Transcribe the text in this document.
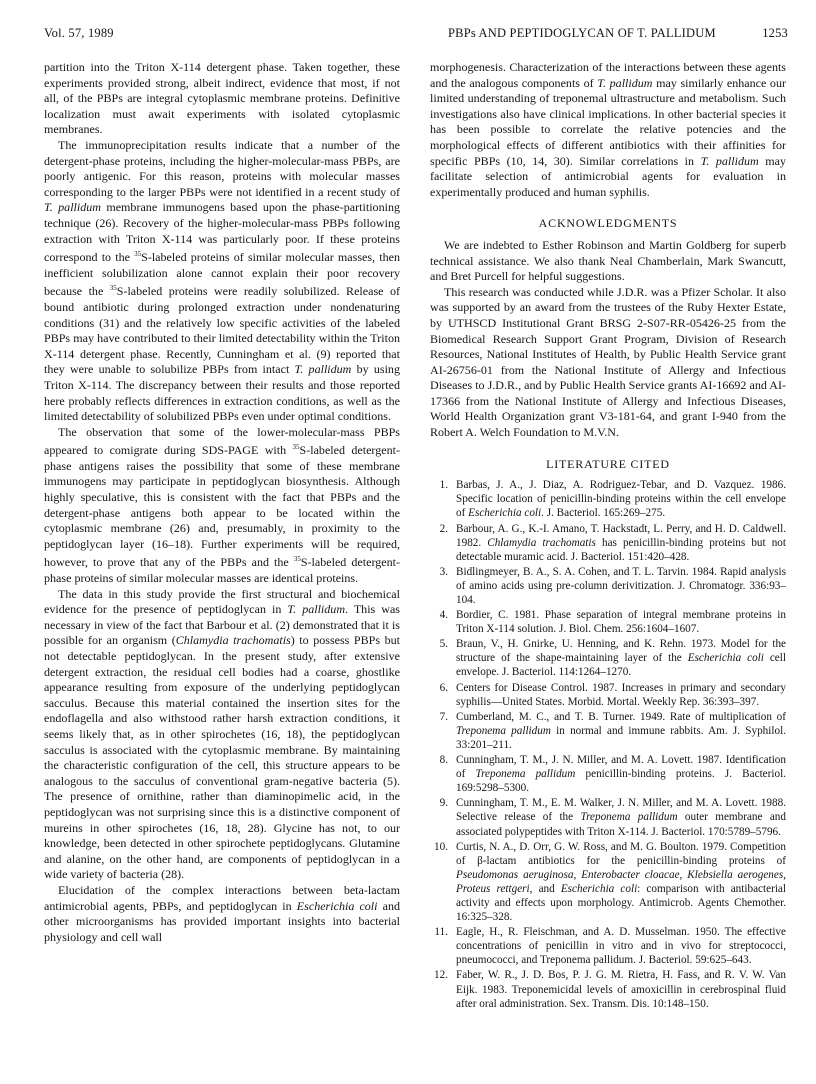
Vol. 57, 1989	PBPs AND PEPTIDOGLYCAN OF T. PALLIDUM	1253

partition into the Triton X-114 detergent phase. Taken together, these experiments provided strong, albeit indirect, evidence that most, if not all, of the PBPs are integral cytoplasmic membrane proteins. Definitive localization must await experiments with isolated cytoplasmic membranes.

The immunoprecipitation results indicate that a number of the detergent-phase proteins, including the higher-molecular-mass PBPs, are poorly antigenic. For this reason, proteins with molecular masses corresponding to the larger PBPs were not identified in a recent study of T. pallidum membrane immunogens based upon the phase-partitioning technique (26). Recovery of the higher-molecular-mass PBPs following extraction with Triton X-114 was particularly poor. If these proteins correspond to the $^{35}$S-labeled proteins of similar molecular masses, then inefficient solubilization alone cannot explain their poor recovery because the $^{35}$S-labeled proteins were readily solubilized. Release of bound antibiotic during prolonged extraction under nondenaturing conditions (31) and the relatively low specific activities of the labeled PBPs may have contributed to their limited detectability within the Triton X-114 detergent phase. Recently, Cunningham et al. (9) reported that they were unable to solubilize PBPs from intact T. pallidum by using Triton X-114. The discrepancy between their results and those reported here probably reflects differences in extraction conditions, as well as the limited detectability of solubilized PBPs even under optimal conditions.

The observation that some of the lower-molecular-mass PBPs appeared to comigrate during SDS-PAGE with $^{35}$S-labeled detergent-phase antigens raises the possibility that some of these membrane immunogens may participate in peptidoglycan biosynthesis. Although highly speculative, this is consistent with the fact that PBPs and the detergent-phase antigens both appear to be located within the cytoplasmic membrane (26) and, presumably, in proximity to the peptidoglycan layer (16–18). Further experiments will be required, however, to prove that any of the PBPs and the $^{35}$S-labeled detergent-phase proteins of similar molecular masses are identical proteins.

The data in this study provide the first structural and biochemical evidence for the presence of peptidoglycan in T. pallidum. This was necessary in view of the fact that Barbour et al. (2) demonstrated that it is possible for an organism (Chlamydia trachomatis) to possess PBPs but not detectable peptidoglycan. In the present study, after extensive detergent extraction, the residual cell bodies had a coarse, ghostlike appearance resulting from exposure of the underlying peptidoglycan sacculus. Because this material contained the insertion sites for the endoflagella and also withstood rather harsh extraction conditions, it seems likely that, as in other spirochetes (16, 18), the peptidoglycan sacculus is associated with the cytoplasmic membrane. By maintaining the characteristic configuration of the cell, this structure appears to be analogous to the sacculus of conventional gram-negative bacteria (5). The presence of ornithine, rather than diaminopimelic acid, in the peptidoglycan was not surprising since this is a distinctive component of mureins in other spirochetes (16, 18, 28). Glycine has not, to our knowledge, been detected in other spirochete peptidoglycans. Glutamine and alanine, on the other hand, are components of peptidoglycan in a wide variety of bacteria (28).

Elucidation of the complex interactions between beta-lactam antimicrobial agents, PBPs, and peptidoglycan in Escherichia coli and other microorganisms has provided important insights into bacterial physiology and cell wall

morphogenesis. Characterization of the interactions between these agents and the analogous components of T. pallidum may similarly enhance our limited understanding of treponemal ultrastructure and metabolism. Such investigations also have clinical implications. In other bacterial species it has been possible to correlate the relative potencies and the morphological effects of different antibiotics with their affinities for specific PBPs (10, 14, 30). Similar correlations in T. pallidum may facilitate selection of antimicrobial agents for evaluation in experimentally produced and human syphilis.

ACKNOWLEDGMENTS

We are indebted to Esther Robinson and Martin Goldberg for superb technical assistance. We also thank Neal Chamberlain, Mark Swancutt, and Bret Purcell for helpful suggestions.

This research was conducted while J.D.R. was a Pfizer Scholar. It also was supported by an award from the trustees of the Ruby Hexter Estate, by UTHSCD Institutional Grant BRSG 2-S07-RR-05426-25 from the Biomedical Research Support Grant Program, Division of Research Resources, National Institutes of Health, by Public Health Service grant AI-26756-01 from the National Institute of Allergy and Infectious Diseases to J.D.R., and by Public Health Service grants AI-16692 and AI-17366 from the National Institute of Allergy and Infectious Diseases, World Health Organization grant V3-181-64, and grant I-940 from the Robert A. Welch Foundation to M.V.N.

LITERATURE CITED
1. Barbas, J. A., J. Diaz, A. Rodriguez-Tebar, and D. Vazquez. 1986. Specific location of penicillin-binding proteins within the cell envelope of Escherichia coli. J. Bacteriol. 165:269–275.
2. Barbour, A. G., K.-I. Amano, T. Hackstadt, L. Perry, and H. D. Caldwell. 1982. Chlamydia trachomatis has penicillin-binding proteins but not detectable muramic acid. J. Bacteriol. 151:420–428.
3. Bidlingmeyer, B. A., S. A. Cohen, and T. L. Tarvin. 1984. Rapid analysis of amino acids using pre-column derivitization. J. Chromatogr. 336:93–104.
4. Bordier, C. 1981. Phase separation of integral membrane proteins in Triton X-114 solution. J. Biol. Chem. 256:1604–1607.
5. Braun, V., H. Gnirke, U. Henning, and K. Rehn. 1973. Model for the structure of the shape-maintaining layer of the Escherichia coli cell envelope. J. Bacteriol. 114:1264–1270.
6. Centers for Disease Control. 1987. Increases in primary and secondary syphilis—United States. Morbid. Mortal. Weekly Rep. 36:393–397.
7. Cumberland, M. C., and T. B. Turner. 1949. Rate of multiplication of Treponema pallidum in normal and immune rabbits. Am. J. Syphilol. 33:201–211.
8. Cunningham, T. M., J. N. Miller, and M. A. Lovett. 1987. Identification of Treponema pallidum penicillin-binding proteins. J. Bacteriol. 169:5298–5300.
9. Cunningham, T. M., E. M. Walker, J. N. Miller, and M. A. Lovett. 1988. Selective release of the Treponema pallidum outer membrane and associated polypeptides with Triton X-114. J. Bacteriol. 170:5789–5796.
10. Curtis, N. A., D. Orr, G. W. Ross, and M. G. Boulton. 1979. Competition of β-lactam antibiotics for the penicillin-binding proteins of Pseudomonas aeruginosa, Enterobacter cloacae, Klebsiella aerogenes, Proteus rettgeri, and Escherichia coli: comparison with antibacterial activity and effects upon morphology. Antimicrob. Agents Chemother. 16:325–328.
11. Eagle, H., R. Fleischman, and A. D. Musselman. 1950. The effective concentrations of penicillin in vitro and in vivo for streptococci, pneumococci, and Treponema pallidum. J. Bacteriol. 59:625–643.
12. Faber, W. R., J. D. Bos, P. J. G. M. Rietra, H. Fass, and R. V. W. Van Eijk. 1983. Treponemicidal levels of amoxicillin in cerebrospinal fluid after oral administration. Sex. Transm. Dis. 10:148–150.
